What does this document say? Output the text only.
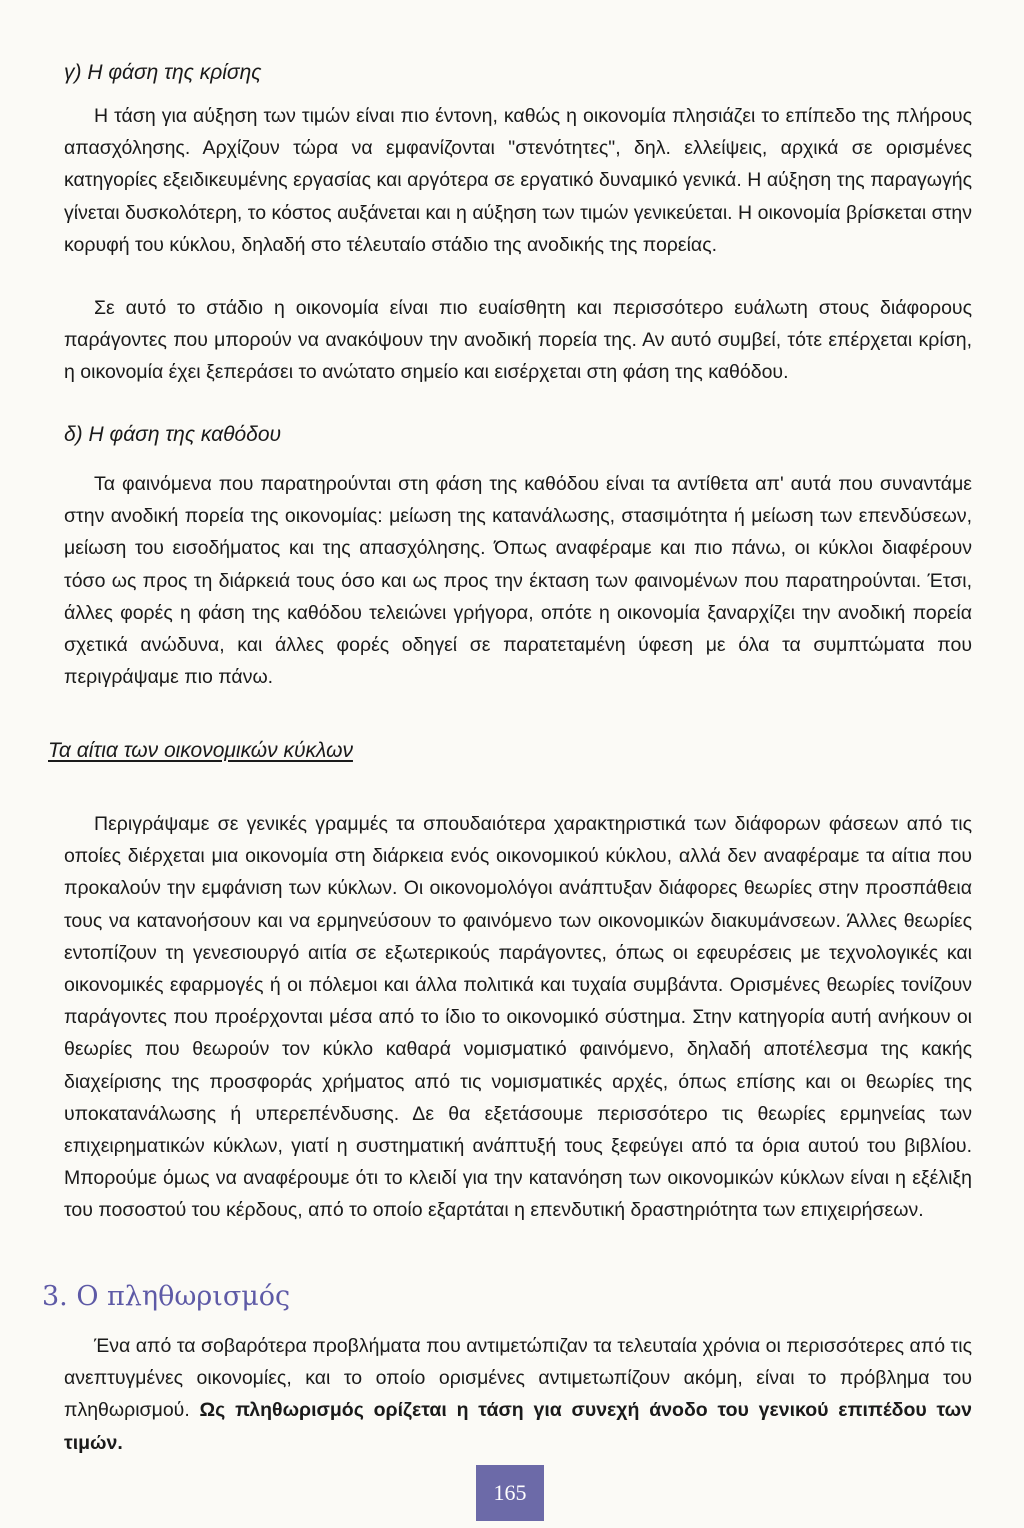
γ) Η φάση της κρίσης

Η τάση για αύξηση των τιμών είναι πιο έντονη, καθώς η οικονομία πλησιάζει το επίπεδο της πλήρους απασχόλησης. Αρχίζουν τώρα να εμφανίζονται "στενότητες", δηλ. ελλείψεις, αρχικά σε ορισμένες κατηγορίες εξειδικευμένης εργασίας και αργότερα σε εργατικό δυναμικό γενικά. Η αύξηση της παραγωγής γίνεται δυσκολότερη, το κόστος αυξάνεται και η αύξηση των τιμών γενικεύεται. Η οικονομία βρίσκεται στην κορυφή του κύκλου, δηλαδή στο τέλευταίο στάδιο της ανοδικής της πορείας.

Σε αυτό το στάδιο η οικονομία είναι πιο ευαίσθητη και περισσότερο ευάλωτη στους διάφορους παράγοντες που μπορούν να ανακόψουν την ανοδική πορεία της. Αν αυτό συμβεί, τότε επέρχεται κρίση, η οικονομία έχει ξεπεράσει το ανώτατο σημείο και εισέρχεται στη φάση της καθόδου.

δ) Η φάση της καθόδου

Τα φαινόμενα που παρατηρούνται στη φάση της καθόδου είναι τα αντίθετα απ' αυτά που συναντάμε στην ανοδική πορεία της οικονομίας: μείωση της κατανάλωσης, στασιμότητα ή μείωση των επενδύσεων, μείωση του εισοδήματος και της απασχόλησης. Όπως αναφέραμε και πιο πάνω, οι κύκλοι διαφέρουν τόσο ως προς τη διάρκειά τους όσο και ως προς την έκταση των φαινομένων που παρατηρούνται. Έτσι, άλλες φορές η φάση της καθόδου τελειώνει γρήγορα, οπότε η οικονομία ξαναρχίζει την ανοδική πορεία σχετικά ανώδυνα, και άλλες φορές οδηγεί σε παρατεταμένη ύφεση με όλα τα συμπτώματα που περιγράψαμε πιο πάνω.

Τα αίτια των οικονομικών κύκλων

Περιγράψαμε σε γενικές γραμμές τα σπουδαιότερα χαρακτηριστικά των διάφορων φάσεων από τις οποίες διέρχεται μια οικονομία στη διάρκεια ενός οικονομικού κύκλου, αλλά δεν αναφέραμε τα αίτια που προκαλούν την εμφάνιση των κύκλων. Οι οικονομολόγοι ανάπτυξαν διάφορες θεωρίες στην προσπάθεια τους να κατανοήσουν και να ερμηνεύσουν το φαινόμενο των οικονομικών διακυμάνσεων. Άλλες θεωρίες εντοπίζουν τη γενεσιουργό αιτία σε εξωτερικούς παράγοντες, όπως οι εφευρέσεις με τεχνολογικές και οικονομικές εφαρμογές ή οι πόλεμοι και άλλα πολιτικά και τυχαία συμβάντα. Ορισμένες θεωρίες τονίζουν παράγοντες που προέρχονται μέσα από το ίδιο το οικονομικό σύστημα. Στην κατηγορία αυτή ανήκουν οι θεωρίες που θεωρούν τον κύκλο καθαρά νομισματικό φαινόμενο, δηλαδή αποτέλεσμα της κακής διαχείρισης της προσφοράς χρήματος από τις νομισματικές αρχές, όπως επίσης και οι θεωρίες της υποκατανάλωσης ή υπερεπένδυσης. Δε θα εξετάσουμε περισσότερο τις θεωρίες ερμηνείας των επιχειρηματικών κύκλων, γιατί η συστηματική ανάπτυξή τους ξεφεύγει από τα όρια αυτού του βιβλίου. Μπορούμε όμως να αναφέρουμε ότι το κλειδί για την κατανόηση των οικονομικών κύκλων είναι η εξέλιξη του ποσοστού του κέρδους, από το οποίο εξαρτάται η επενδυτική δραστηριότητα των επιχειρήσεων.

3. Ο πληθωρισμός

Ένα από τα σοβαρότερα προβλήματα που αντιμετώπιζαν τα τελευταία χρόνια οι περισσότερες από τις ανεπτυγμένες οικονομίες, και το οποίο ορισμένες αντιμετωπίζουν ακόμη, είναι το πρόβλημα του πληθωρισμού. Ως πληθωρισμός ορίζεται η τάση για συνεχή άνοδο του γενικού επιπέδου των τιμών.

165
